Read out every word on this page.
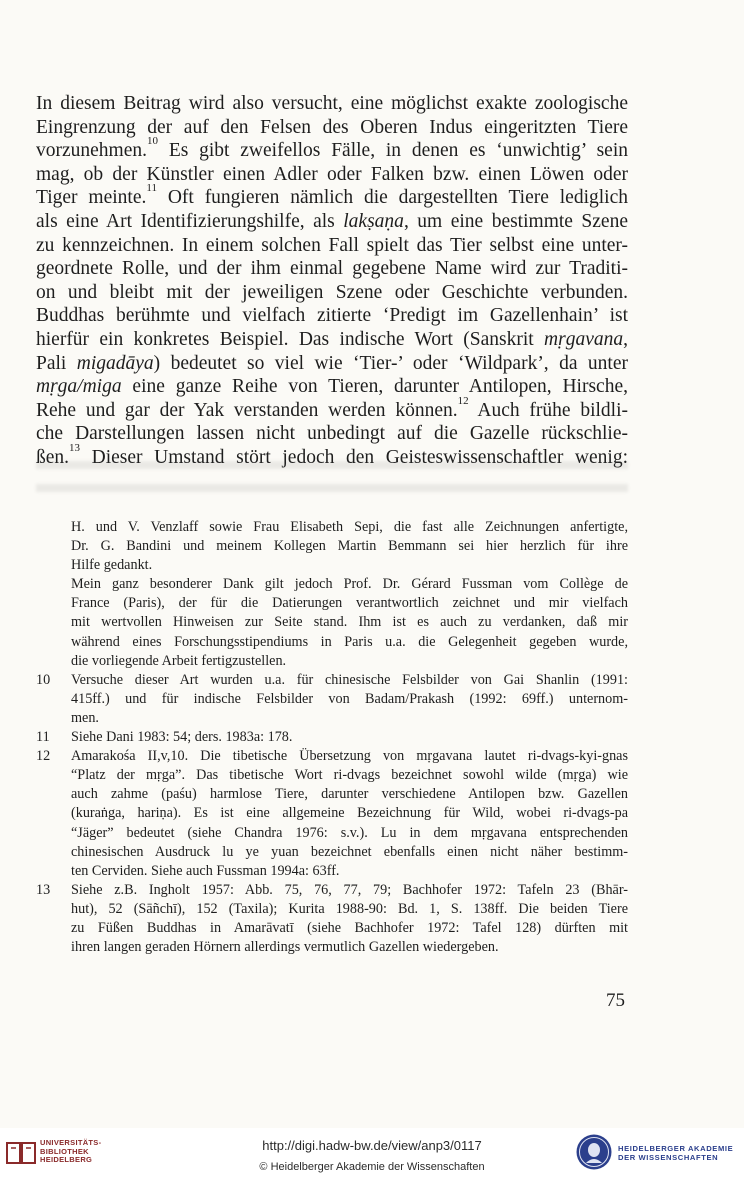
In diesem Beitrag wird also versucht, eine möglichst exakte zoologische
Eingrenzung der auf den Felsen des Oberen Indus eingeritzten Tiere
vorzunehmen.$^{10}$ Es gibt zweifellos Fälle, in denen es ‘unwichtig’ sein
mag, ob der Künstler einen Adler oder Falken bzw. einen Löwen oder
Tiger meinte.$^{11}$ Oft fungieren nämlich die dargestellten Tiere lediglich
als eine Art Identifizierungshilfe, als lakṣaṇa, um eine bestimmte Szene
zu kennzeichnen. In einem solchen Fall spielt das Tier selbst eine unter-
geordnete Rolle, und der ihm einmal gegebene Name wird zur Traditi-
on und bleibt mit der jeweiligen Szene oder Geschichte verbunden.
Buddhas berühmte und vielfach zitierte ‘Predigt im Gazellenhain’ ist
hierfür ein konkretes Beispiel. Das indische Wort (Sanskrit mṛgavana,
Pali migadāya) bedeutet so viel wie ‘Tier-’ oder ‘Wildpark’, da unter
mṛga/miga eine ganze Reihe von Tieren, darunter Antilopen, Hirsche,
Rehe und gar der Yak verstanden werden können.$^{12}$ Auch frühe bildli-
che Darstellungen lassen nicht unbedingt auf die Gazelle rückschlie-
ßen.$^{13}$ Dieser Umstand stört jedoch den Geisteswissenschaftler wenig:
H. und V. Venzlaff sowie Frau Elisabeth Sepi, die fast alle Zeichnungen anfertigte,
Dr. G. Bandini und meinem Kollegen Martin Bemmann sei hier herzlich für ihre
Hilfe gedankt.
Mein ganz besonderer Dank gilt jedoch Prof. Dr. Gérard Fussman vom Collège de
France (Paris), der für die Datierungen verantwortlich zeichnet und mir vielfach
mit wertvollen Hinweisen zur Seite stand. Ihm ist es auch zu verdanken, daß mir
während eines Forschungsstipendiums in Paris u.a. die Gelegenheit gegeben wurde,
die vorliegende Arbeit fertigzustellen.
10 Versuche dieser Art wurden u.a. für chinesische Felsbilder von Gai Shanlin (1991:
415ff.) und für indische Felsbilder von Badam/Prakash (1992: 69ff.) unternom-
men.
11 Siehe Dani 1983: 54; ders. 1983a: 178.
12 Amarakośa II,v,10. Die tibetische Übersetzung von mṛgavana lautet ri-dvags-kyi-gnas
“Platz der mṛga”. Das tibetische Wort ri-dvags bezeichnet sowohl wilde (mṛga) wie
auch zahme (paśu) harmlose Tiere, darunter verschiedene Antilopen bzw. Gazellen
(kuraṅga, hariṇa). Es ist eine allgemeine Bezeichnung für Wild, wobei ri-dvags-pa
“Jäger” bedeutet (siehe Chandra 1976: s.v.). Lu in dem mṛgavana entsprechenden
chinesischen Ausdruck lu ye yuan bezeichnet ebenfalls einen nicht näher bestimm-
ten Cerviden. Siehe auch Fussman 1994a: 63ff.
13 Siehe z.B. Ingholt 1957: Abb. 75, 76, 77, 79; Bachhofer 1972: Tafeln 23 (Bhār-
hut), 52 (Sāñchī), 152 (Taxila); Kurita 1988-90: Bd. 1, S. 138ff. Die beiden Tiere
zu Füßen Buddhas in Amarāvatī (siehe Bachhofer 1972: Tafel 128) dürften mit
ihren langen geraden Hörnern allerdings vermutlich Gazellen wiedergeben.
75
UNIVERSITÄTS-
BIBLIOTHEK
HEIDELBERG
http://digi.hadw-bw.de/view/anp3/0117
© Heidelberger Akademie der Wissenschaften
HEIDELBERGER AKADEMIE
DER WISSENSCHAFTEN
